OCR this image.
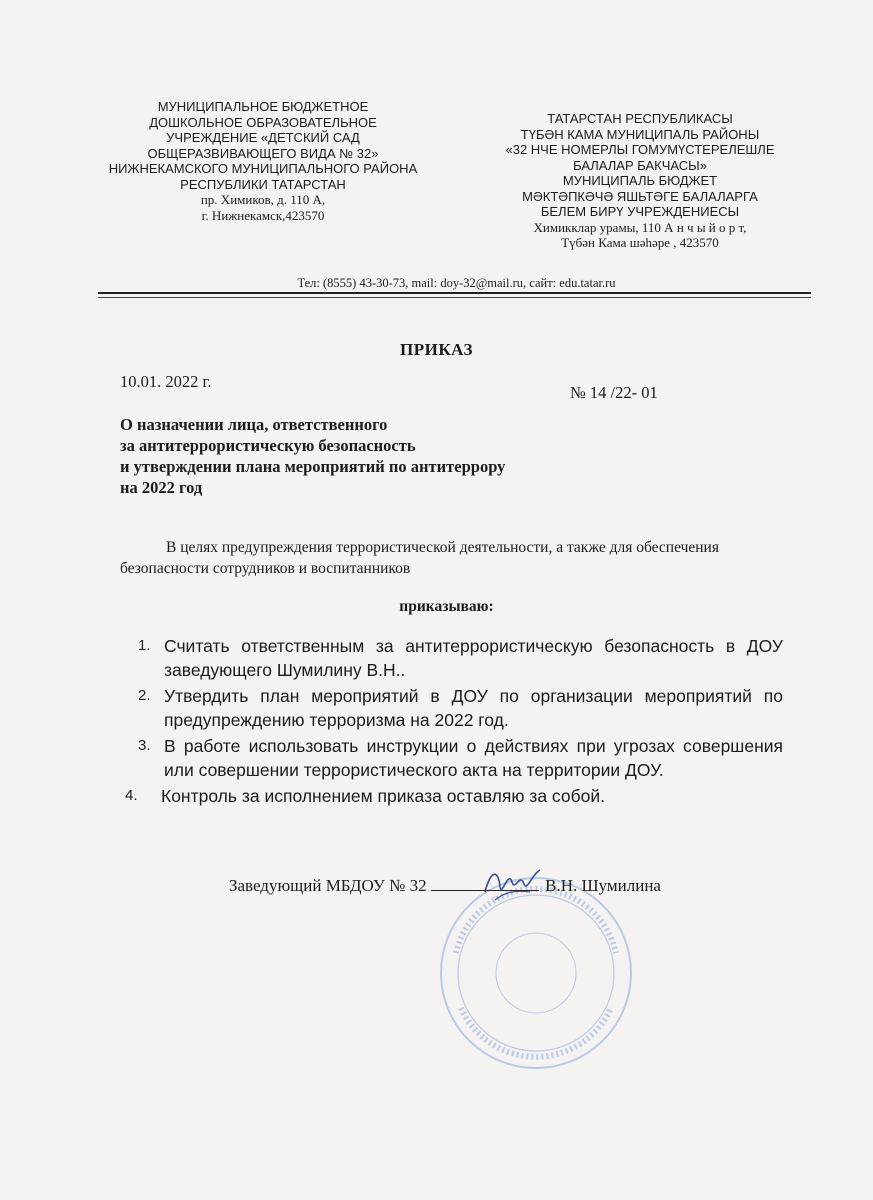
МУНИЦИПАЛЬНОЕ БЮДЖЕТНОЕ
ДОШКОЛЬНОЕ ОБРАЗОВАТЕЛЬНОЕ
УЧРЕЖДЕНИЕ «ДЕТСКИЙ САД
ОБЩЕРАЗВИВАЮЩЕГО ВИДА № 32»
НИЖНЕКАМСКОГО МУНИЦИПАЛЬНОГО РАЙОНА
РЕСПУБЛИКИ ТАТАРСТАН
пр. Химиков, д. 110 А,
г. Нижнекамск,423570
ТАТАРСТАН РЕСПУБЛИКАСЫ
ТҮБӘН КАМА МУНИЦИПАЛЬ РАЙОНЫ
«32 НЧЕ НОМЕРЛЫ ГОМУМҮСТЕРЕЛЕШЛЕ
БАЛАЛАР БАКЧАСЫ»
МУНИЦИПАЛЬ БЮДЖЕТ
МӘКТӘПКӘЧӘ ЯШЬТӘГЕ БАЛАЛАРГА
БЕЛЕМ БИРҮ УЧРЕЖДЕНИЕСЫ
Химикклар урамы, 110 А н ч ы й о р т,
Түбән Кама шәһәре , 423570
Тел: (8555) 43-30-73, mail: doy-32@mail.ru, сайт: edu.tatar.ru
ПРИКАЗ
10.01. 2022 г.
№ 14 /22- 01
О назначении лица, ответственного
за антитеррористическую безопасность
и утверждении плана мероприятий по антитеррору
на 2022 год
В целях предупреждения террористической деятельности, а также для обеспечения
безопасности сотрудников и воспитанников
приказываю:
1. Считать ответственным за антитеррористическую безопасность в ДОУ заведующего Шумилину В.Н..
2. Утвердить план мероприятий в ДОУ по организации мероприятий по предупреждению терроризма на 2022 год.
3. В работе использовать инструкции о действиях при угрозах совершения или совершении террористического акта на территории ДОУ.
4. Контроль за исполнением приказа оставляю за собой.
Заведующий МБДОУ № 32	В.Н. Шумилина
